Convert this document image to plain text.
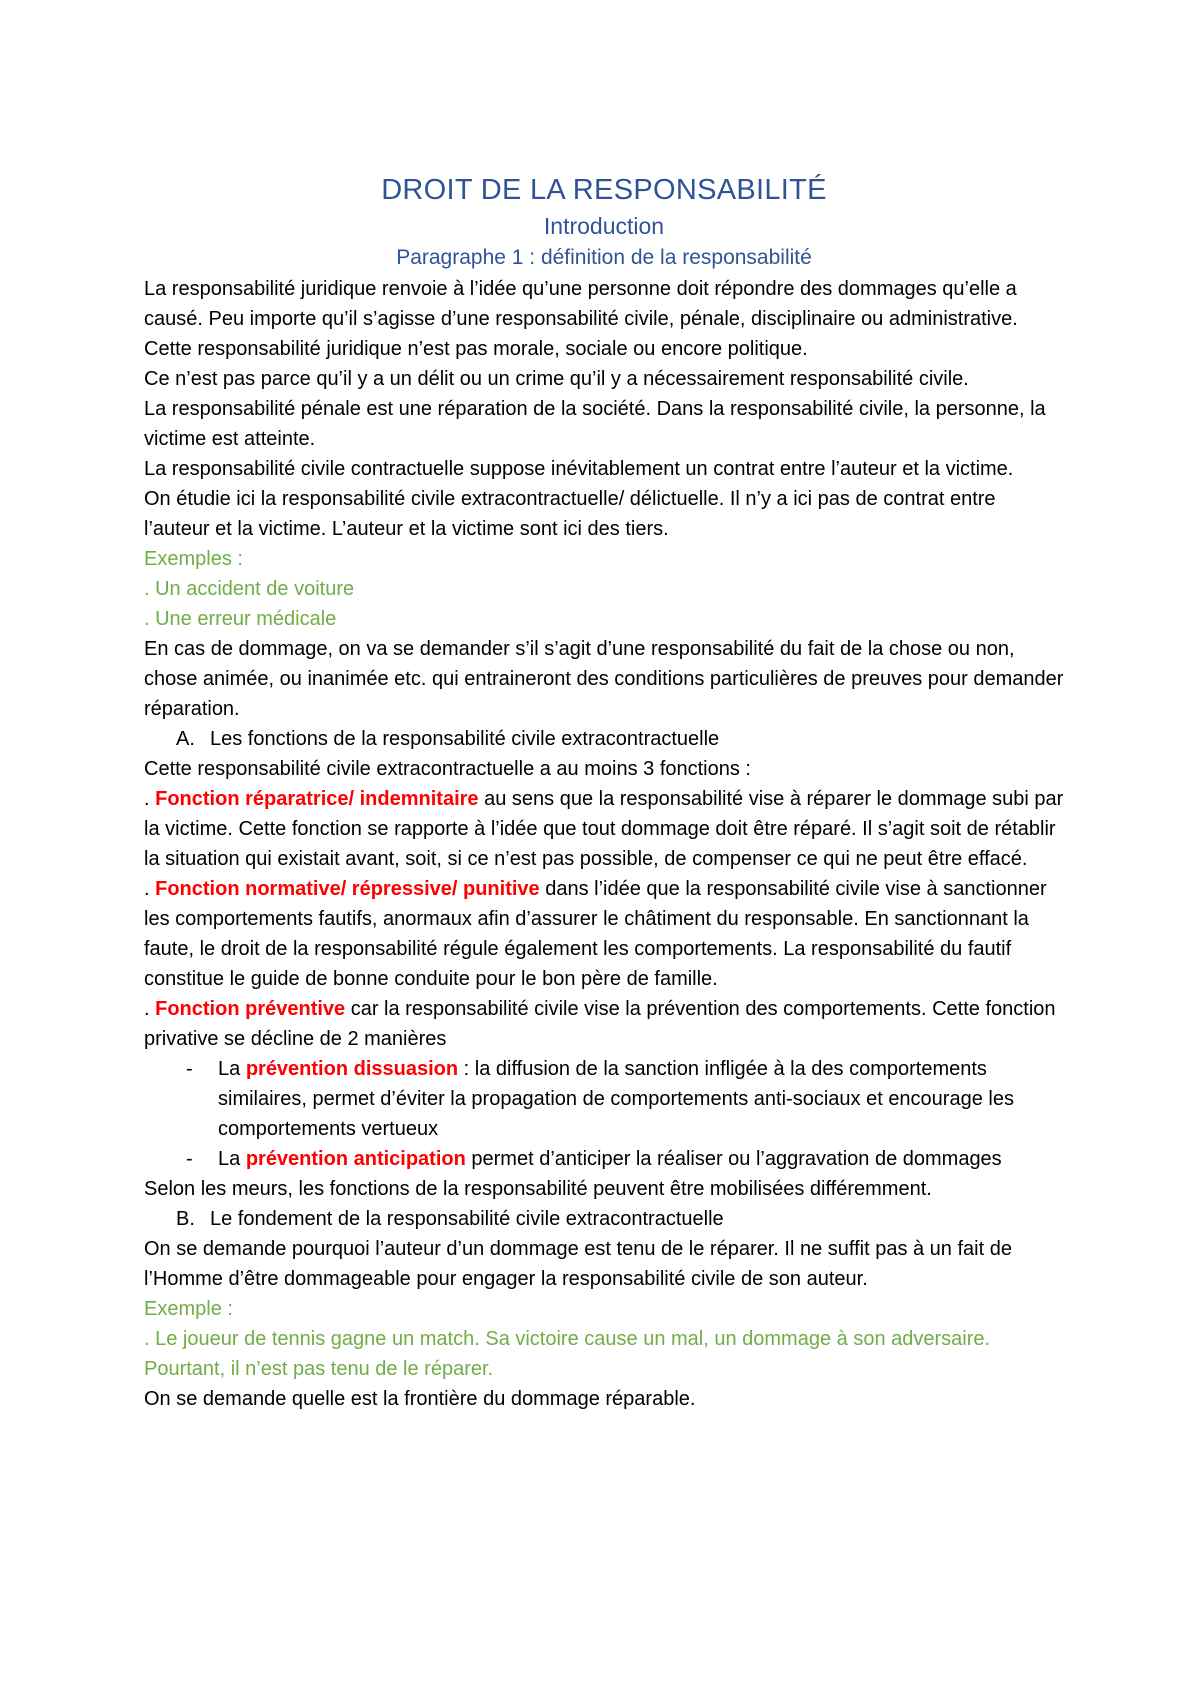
DROIT DE LA RESPONSABILITÉ

Introduction

Paragraphe 1 : définition de la responsabilité

La responsabilité juridique renvoie à l’idée qu’une personne doit répondre des dommages qu’elle a causé. Peu importe qu’il s’agisse d’une responsabilité civile, pénale, disciplinaire ou administrative.

Cette responsabilité juridique n’est pas morale, sociale ou encore politique.

Ce n’est pas parce qu’il y a un délit ou un crime qu’il y a nécessairement responsabilité civile.

La responsabilité pénale est une réparation de la société. Dans la responsabilité civile, la personne, la victime est atteinte.

La responsabilité civile contractuelle suppose inévitablement un contrat entre l’auteur et la victime.

On étudie ici la responsabilité civile extracontractuelle/ délictuelle. Il n’y a ici pas de contrat entre l’auteur et la victime. L’auteur et la victime sont ici des tiers.

Exemples :

. Un accident de voiture

. Une erreur médicale

En cas de dommage, on va se demander s’il s’agit d’une responsabilité du fait de la chose ou non, chose animée, ou inanimée etc. qui entraineront des conditions particulières de preuves pour demander réparation.

A. Les fonctions de la responsabilité civile extracontractuelle

Cette responsabilité civile extracontractuelle a au moins 3 fonctions :

. Fonction réparatrice/ indemnitaire au sens que la responsabilité vise à réparer le dommage subi par la victime. Cette fonction se rapporte à l’idée que tout dommage doit être réparé. Il s’agit soit de rétablir la situation qui existait avant, soit, si ce n’est pas possible, de compenser ce qui ne peut être effacé.

. Fonction normative/ répressive/ punitive dans l’idée que la responsabilité civile vise à sanctionner les comportements fautifs, anormaux afin d’assurer le châtiment du responsable. En sanctionnant la faute, le droit de la responsabilité régule également les comportements. La responsabilité du fautif constitue le guide de bonne conduite pour le bon père de famille.

. Fonction préventive car la responsabilité civile vise la prévention des comportements. Cette fonction privative se décline de 2 manières

- La prévention dissuasion : la diffusion de la sanction infligée à la des comportements similaires, permet d’éviter la propagation de comportements anti-sociaux et encourage les comportements vertueux

- La prévention anticipation permet d’anticiper la réaliser ou l’aggravation de dommages

Selon les meurs, les fonctions de la responsabilité peuvent être mobilisées différemment.

B. Le fondement de la responsabilité civile extracontractuelle

On se demande pourquoi l’auteur d’un dommage est tenu de le réparer. Il ne suffit pas à un fait de l’Homme d’être dommageable pour engager la responsabilité civile de son auteur.

Exemple :

. Le joueur de tennis gagne un match. Sa victoire cause un mal, un dommage à son adversaire. Pourtant, il n’est pas tenu de le réparer.

On se demande quelle est la frontière du dommage réparable.
